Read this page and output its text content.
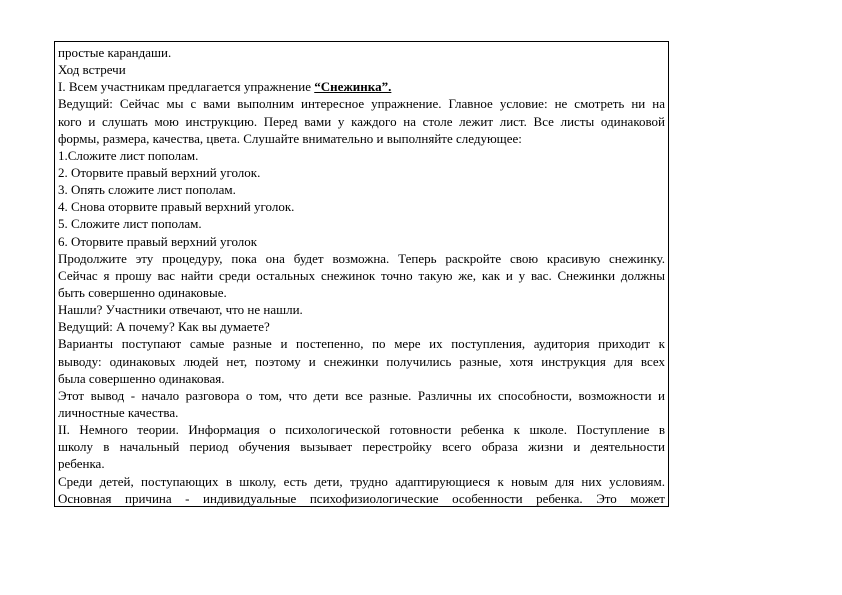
простые карандаши.
Ход встречи
I. Всем участникам предлагается упражнение “Снежинка”.
Ведущий: Сейчас мы с вами выполним интересное упражнение. Главное условие: не смотреть ни на
кого и слушать мою инструкцию. Перед вами у каждого на столе лежит лист. Все листы одинаковой
формы, размера, качества, цвета. Слушайте внимательно и выполняйте следующее:
1.Сложите лист пополам.
2. Оторвите правый верхний уголок.
3. Опять сложите лист пополам.
4. Снова оторвите правый верхний уголок.
5. Сложите лист пополам.
6. Оторвите правый верхний уголок
Продолжите эту процедуру, пока она будет возможна. Теперь раскройте свою красивую снежинку.
Сейчас я прошу вас найти среди остальных снежинок точно такую же, как и у вас. Снежинки должны
быть совершенно одинаковые.
Нашли? Участники отвечают, что не нашли.
Ведущий: А почему? Как вы думаете?
Варианты поступают самые разные и постепенно, по мере их поступления, аудитория приходит к
выводу: одинаковых людей нет, поэтому и снежинки получились разные, хотя инструкция для всех
была совершенно одинаковая.
Этот вывод - начало разговора о том, что дети все разные. Различны их способности, возможности и
личностные качества.
II. Немного теории. Информация о психологической готовности ребенка к школе. Поступление в
школу в начальный период обучения вызывает перестройку всего образа жизни и деятельности
ребенка.
Среди детей, поступающих в школу, есть дети, трудно адаптирующиеся к новым для них условиям.
Основная причина - индивидуальные психофизиологические особенности ребенка. Это может
